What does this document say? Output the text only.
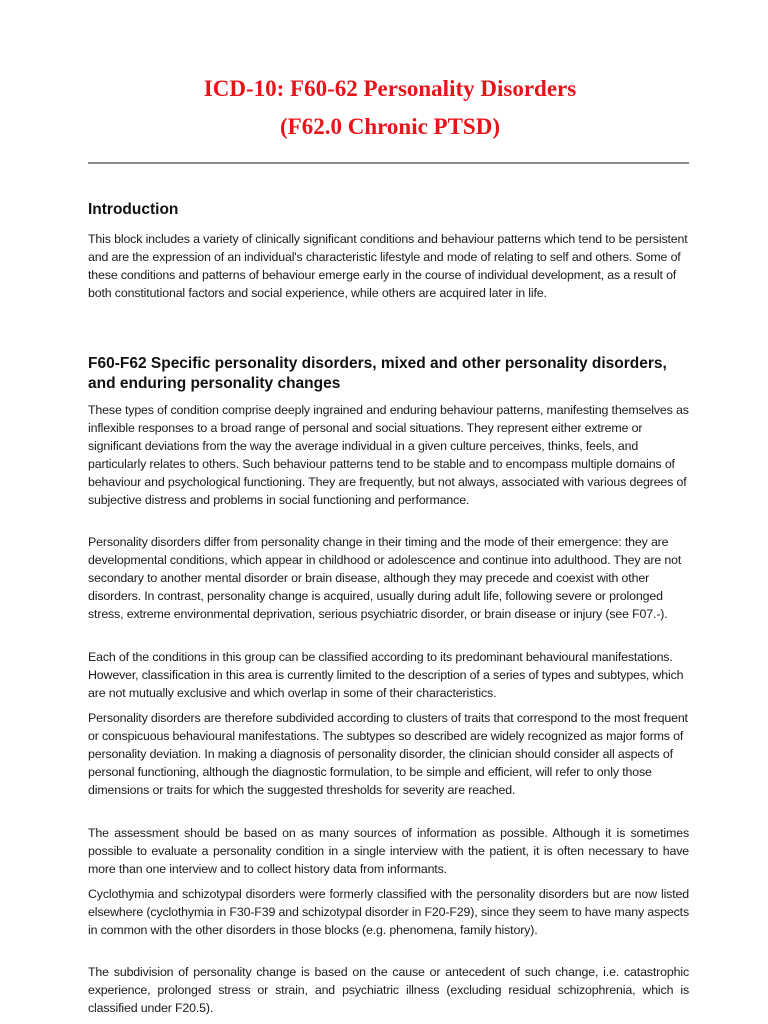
ICD-10: F60-62 Personality Disorders
(F62.0 Chronic PTSD)
Introduction

This block includes a variety of clinically significant conditions and behaviour patterns which tend to be persistent and are the expression of an individual's characteristic lifestyle and mode of relating to self and others. Some of these conditions and patterns of behaviour emerge early in the course of individual development, as a result of both constitutional factors and social experience, while others are acquired later in life.

F60-F62 Specific personality disorders, mixed and other personality disorders, and enduring personality changes

These types of condition comprise deeply ingrained and enduring behaviour patterns, manifesting themselves as inflexible responses to a broad range of personal and social situations. They represent either extreme or significant deviations from the way the average individual in a given culture perceives, thinks, feels, and particularly relates to others. Such behaviour patterns tend to be stable and to encompass multiple domains of behaviour and psychological functioning. They are frequently, but not always, associated with various degrees of subjective distress and problems in social functioning and performance.

Personality disorders differ from personality change in their timing and the mode of their emergence: they are developmental conditions, which appear in childhood or adolescence and continue into adulthood. They are not secondary to another mental disorder or brain disease, although they may precede and coexist with other disorders. In contrast, personality change is acquired, usually during adult life, following severe or prolonged stress, extreme environmental deprivation, serious psychiatric disorder, or brain disease or injury (see F07.-).

Each of the conditions in this group can be classified according to its predominant behavioural manifestations. However, classification in this area is currently limited to the description of a series of types and subtypes, which are not mutually exclusive and which overlap in some of their characteristics.

Personality disorders are therefore subdivided according to clusters of traits that correspond to the most frequent or conspicuous behavioural manifestations. The subtypes so described are widely recognized as major forms of personality deviation. In making a diagnosis of personality disorder, the clinician should consider all aspects of personal functioning, although the diagnostic formulation, to be simple and efficient, will refer to only those dimensions or traits for which the suggested thresholds for severity are reached.

The assessment should be based on as many sources of information as possible. Although it is sometimes possible to evaluate a personality condition in a single interview with the patient, it is often necessary to have more than one interview and to collect history data from informants.

Cyclothymia and schizotypal disorders were formerly classified with the personality disorders but are now listed elsewhere (cyclothymia in F30-F39 and schizotypal disorder in F20-F29), since they seem to have many aspects in common with the other disorders in those blocks (e.g. phenomena, family history).

The subdivision of personality change is based on the cause or antecedent of such change, i.e. catastrophic experience, prolonged stress or strain, and psychiatric illness (excluding residual schizophrenia, which is classified under F20.5).
